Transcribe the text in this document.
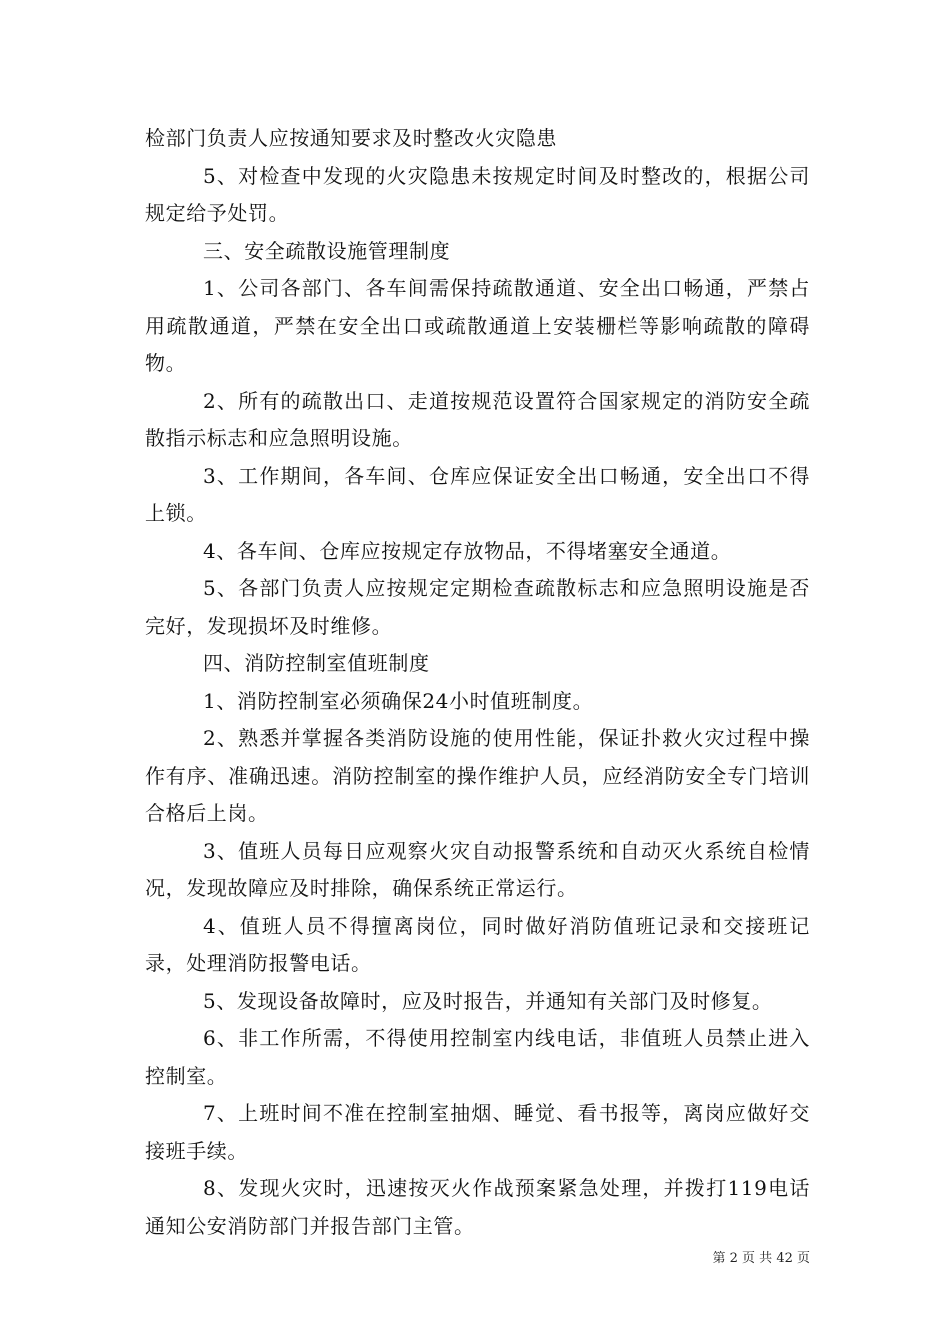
检部门负责人应按通知要求及时整改火灾隐患

5、对检查中发现的火灾隐患未按规定时间及时整改的，根据公司规定给予处罚。

三、安全疏散设施管理制度

1、公司各部门、各车间需保持疏散通道、安全出口畅通，严禁占用疏散通道，严禁在安全出口或疏散通道上安装栅栏等影响疏散的障碍物。

2、所有的疏散出口、走道按规范设置符合国家规定的消防安全疏散指示标志和应急照明设施。

3、工作期间，各车间、仓库应保证安全出口畅通，安全出口不得上锁。

4、各车间、仓库应按规定存放物品，不得堵塞安全通道。

5、各部门负责人应按规定定期检查疏散标志和应急照明设施是否完好，发现损坏及时维修。

四、消防控制室值班制度

1、消防控制室必须确保24小时值班制度。

2、熟悉并掌握各类消防设施的使用性能，保证扑救火灾过程中操作有序、准确迅速。消防控制室的操作维护人员，应经消防安全专门培训合格后上岗。

3、值班人员每日应观察火灾自动报警系统和自动灭火系统自检情况，发现故障应及时排除，确保系统正常运行。

4、值班人员不得擅离岗位，同时做好消防值班记录和交接班记录，处理消防报警电话。

5、发现设备故障时，应及时报告，并通知有关部门及时修复。

6、非工作所需，不得使用控制室内线电话，非值班人员禁止进入控制室。

7、上班时间不准在控制室抽烟、睡觉、看书报等，离岗应做好交接班手续。

8、发现火灾时，迅速按灭火作战预案紧急处理，并拨打119电话通知公安消防部门并报告部门主管。

第 2 页 共 42 页
